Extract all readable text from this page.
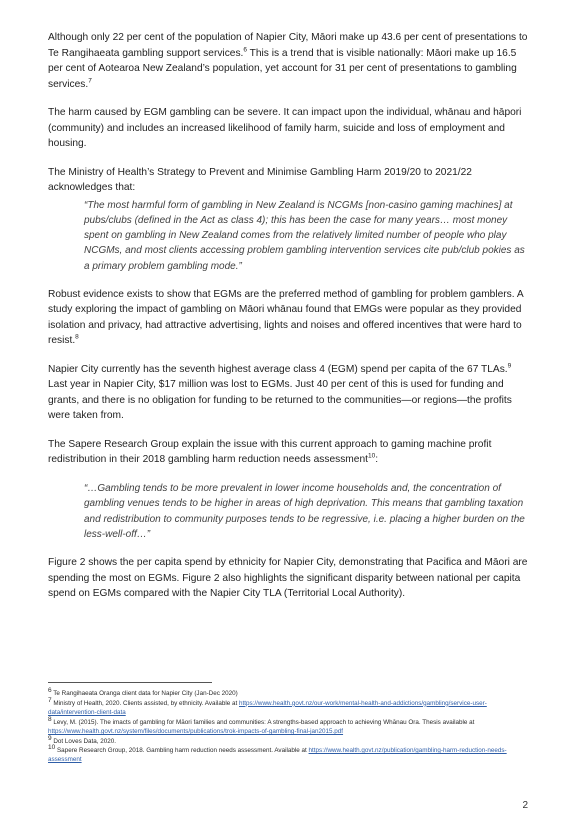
Although only 22 per cent of the population of Napier City, Māori make up 43.6 per cent of presentations to Te Rangihaeata gambling support services.$^6$ This is a trend that is visible nationally: Māori make up 16.5 per cent of Aotearoa New Zealand’s population, yet account for 31 per cent of presentations to gambling services.$^7$

The harm caused by EGM gambling can be severe. It can impact upon the individual, whānau and hāpori (community) and includes an increased likelihood of family harm, suicide and loss of employment and housing.

The Ministry of Health’s Strategy to Prevent and Minimise Gambling Harm 2019/20 to 2021/22 acknowledges that:

“The most harmful form of gambling in New Zealand is NCGMs [non-casino gaming machines] at pubs/clubs (defined in the Act as class 4); this has been the case for many years… most money spent on gambling in New Zealand comes from the relatively limited number of people who play NCGMs, and most clients accessing problem gambling intervention services cite pub/club pokies as a primary problem gambling mode.”

Robust evidence exists to show that EGMs are the preferred method of gambling for problem gamblers. A study exploring the impact of gambling on Māori whānau found that EMGs were popular as they provided isolation and privacy, had attractive advertising, lights and noises and offered incentives that were hard to resist.$^8$

Napier City currently has the seventh highest average class 4 (EGM) spend per capita of the 67 TLAs.$^9$ Last year in Napier City, $17 million was lost to EGMs. Just 40 per cent of this is used for funding and grants, and there is no obligation for funding to be returned to the communities—or regions—the profits were taken from.

The Sapere Research Group explain the issue with this current approach to gaming machine profit redistribution in their 2018 gambling harm reduction needs assessment$^{10}$:

“…Gambling tends to be more prevalent in lower income households and, the concentration of gambling venues tends to be higher in areas of high deprivation. This means that gambling taxation and redistribution to community purposes tends to be regressive, i.e. placing a higher burden on the less-well-off…”

Figure 2 shows the per capita spend by ethnicity for Napier City, demonstrating that Pacifica and Māori are spending the most on EGMs. Figure 2 also highlights the significant disparity between national per capita spend on EGMs compared with the Napier City TLA (Territorial Local Authority).

$^6$ Te Rangihaeata Oranga client data for Napier City (Jan-Dec 2020)
$^7$ Ministry of Health, 2020. Clients assisted, by ethnicity. Available at https://www.health.govt.nz/our-work/mental-health-and-addictions/gambling/service-user-data/intervention-client-data
$^8$ Levy, M. (2015). The imacts of gambling for Māori families and communities: A strengths-based approach to achieving Whānau Ora. Thesis available at https://www.health.govt.nz/system/files/documents/publications/trok-impacts-of-gambling-final-jan2015.pdf
$^9$ Dot Loves Data, 2020.
$^{10}$ Sapere Research Group, 2018. Gambling harm reduction needs assessment. Available at https://www.health.govt.nz/publication/gambling-harm-reduction-needs-assessment
2
